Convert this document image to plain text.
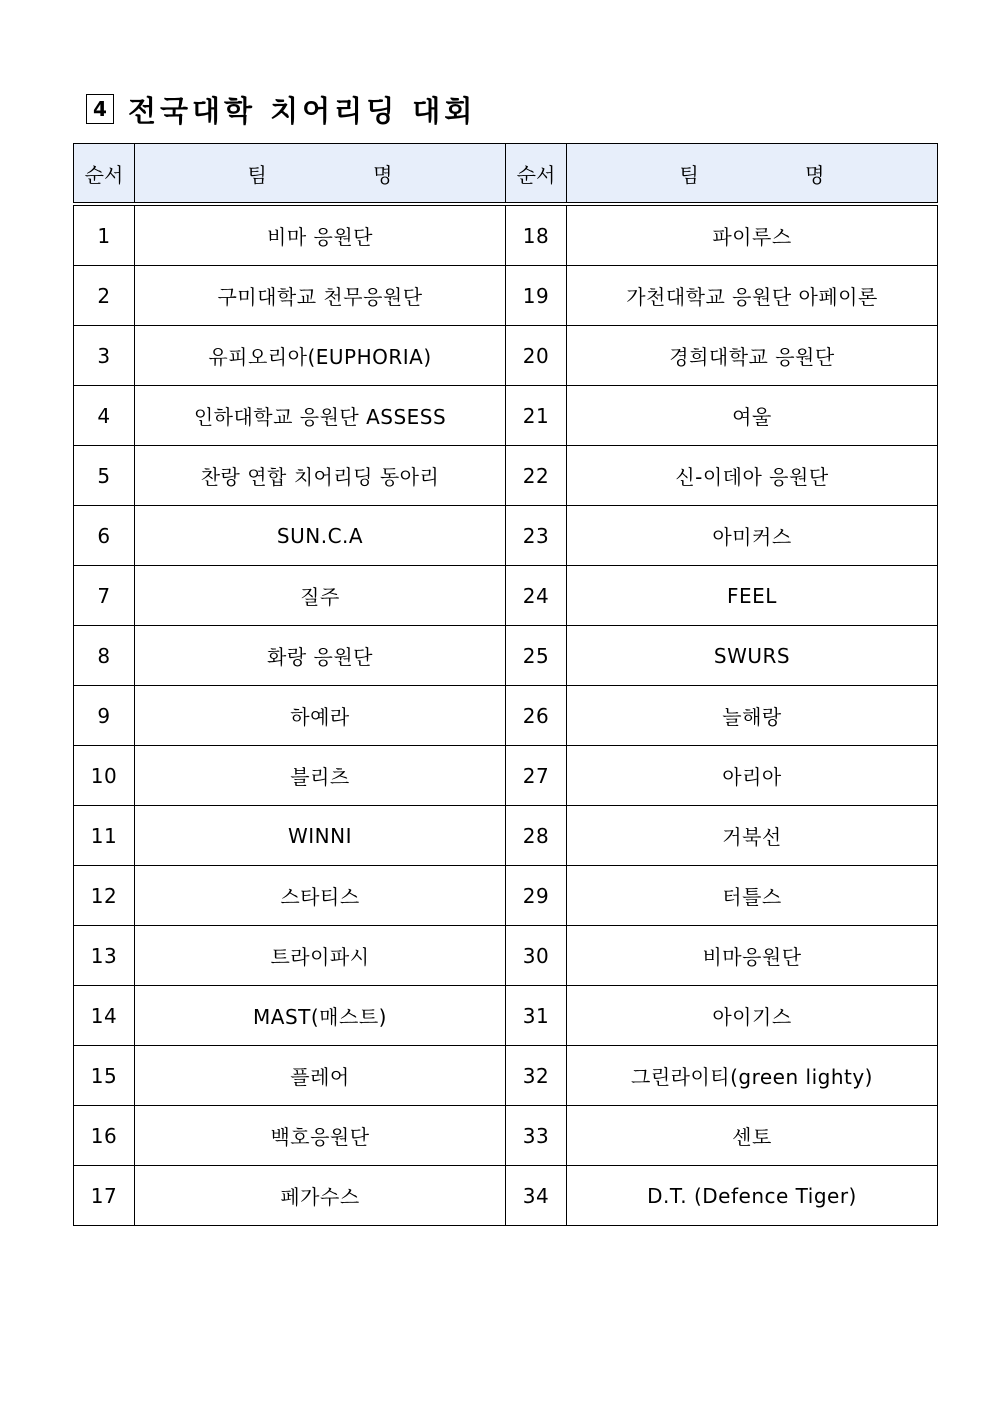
4 전국대학 치어리딩 대회
순서	팀 명	순서	팀 명
1	비마 응원단	18	파이루스
2	구미대학교 천무응원단	19	가천대학교 응원단 아페이론
3	유피오리아(EUPHORIA)	20	경희대학교 응원단
4	인하대학교 응원단 ASSESS	21	여울
5	찬랑 연합 치어리딩 동아리	22	신-이데아 응원단
6	SUN.C.A	23	아미커스
7	질주	24	FEEL
8	화랑 응원단	25	SWURS
9	하예라	26	늘해랑
10	블리츠	27	아리아
11	WINNI	28	거북선
12	스타티스	29	터틀스
13	트라이파시	30	비마응원단
14	MAST(매스트)	31	아이기스
15	플레어	32	그린라이티(green lighty)
16	백호응원단	33	센토
17	페가수스	34	D.T. (Defence Tiger)
